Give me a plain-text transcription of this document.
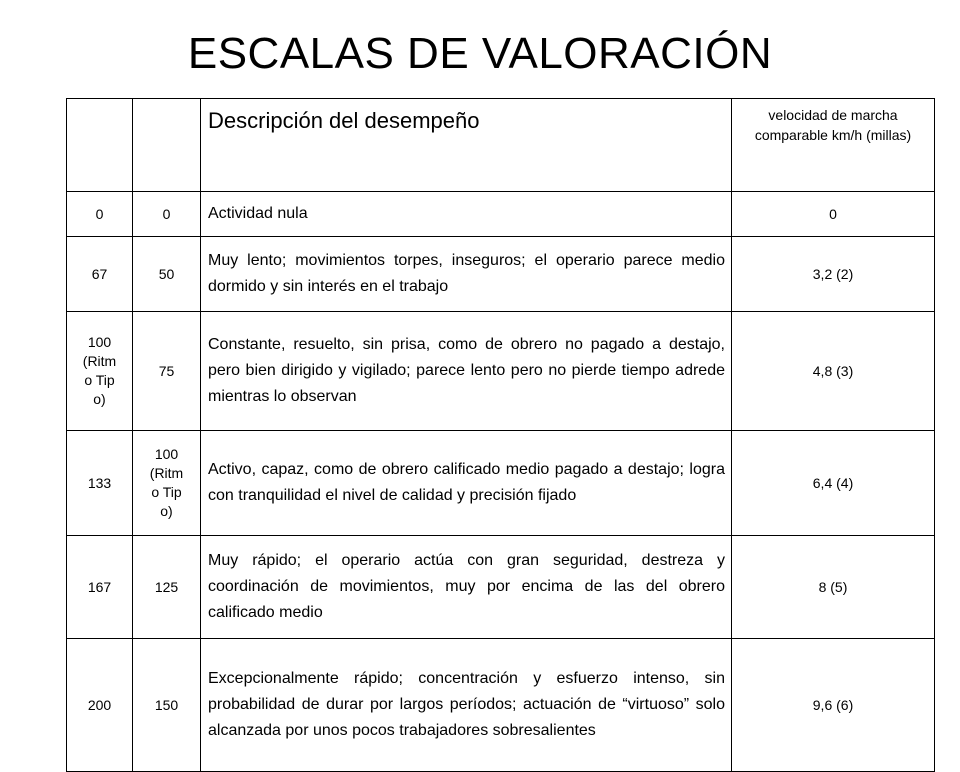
ESCALAS DE VALORACIÓN
		Descripción del desempeño	velocidad de marcha comparable km/h (millas)
0	0	Actividad nula	0
67	50	Muy lento; movimientos torpes, inseguros; el operario parece medio dormido y sin interés en el trabajo	3,2 (2)

100 (Ritmo Tipo)	75	Constante, resuelto, sin prisa, como de obrero no pagado a destajo, pero bien dirigido y vigilado; parece lento pero no pierde tiempo adrede mientras lo observan	4,8 (3)
133	100 (Ritmo Tipo)	Activo, capaz, como de obrero calificado medio pagado a destajo; logra con tranquilidad el nivel de calidad y precisión fijado	6,4 (4)
167	125	Muy rápido; el operario actúa con gran seguridad, destreza y coordinación de movimientos, muy por encima de las del obrero calificado medio	8 (5)
200	150	Excepcionalmente rápido; concentración y esfuerzo intenso, sin probabilidad de durar por largos períodos; actuación de “virtuoso” solo alcanzada por unos pocos trabajadores sobresalientes	9,6 (6)
